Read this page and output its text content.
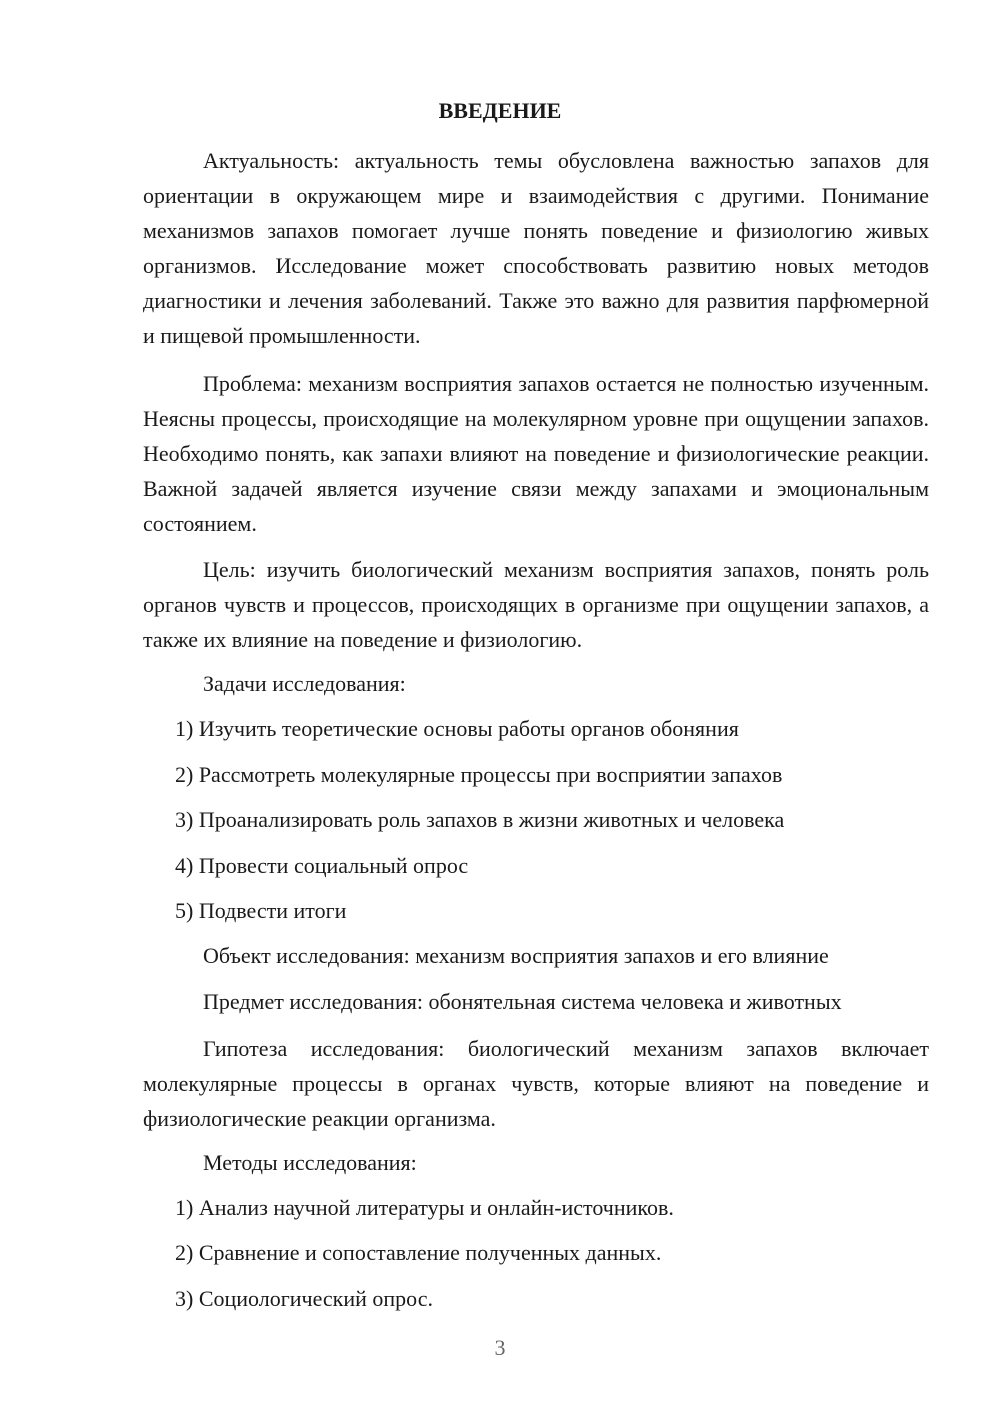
ВВЕДЕНИЕ

Актуальность: актуальность темы обусловлена важностью запахов для ориентации в окружающем мире и взаимодействия с другими. Понимание механизмов запахов помогает лучше понять поведение и физиологию живых организмов. Исследование может способствовать развитию новых методов диагностики и лечения заболеваний. Также это важно для развития парфюмерной и пищевой промышленности.

Проблема: механизм восприятия запахов остается не полностью изученным. Неясны процессы, происходящие на молекулярном уровне при ощущении запахов. Необходимо понять, как запахи влияют на поведение и физиологические реакции. Важной задачей является изучение связи между запахами и эмоциональным состоянием.

Цель: изучить биологический механизм восприятия запахов, понять роль органов чувств и процессов, происходящих в организме при ощущении запахов, а также их влияние на поведение и физиологию.

Задачи исследования:
1) Изучить теоретические основы работы органов обоняния
2) Рассмотреть молекулярные процессы при восприятии запахов
3) Проанализировать роль запахов в жизни животных и человека
4) Провести социальный опрос
5) Подвести итоги
Объект исследования: механизм восприятия запахов и его влияние
Предмет исследования: обонятельная система человека и животных

Гипотеза исследования: биологический механизм запахов включает молекулярные процессы в органах чувств, которые влияют на поведение и физиологические реакции организма.

Методы исследования:
1) Анализ научной литературы и онлайн-источников.
2) Сравнение и сопоставление полученных данных.
3) Социологический опрос.
3
